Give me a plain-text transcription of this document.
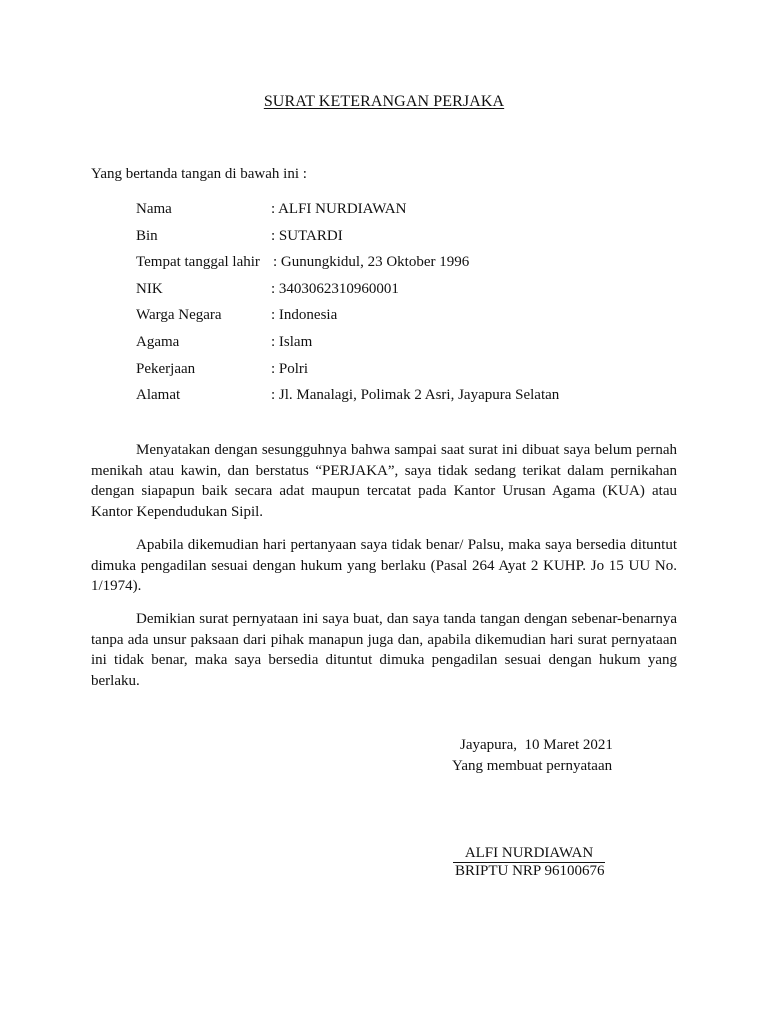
SURAT KETERANGAN PERJAKA
Yang bertanda tangan di bawah ini :
Nama	: ALFI NURDIAWAN
Bin	: SUTARDI
Tempat tanggal lahir : Gunungkidul, 23 Oktober 1996
NIK	: 3403062310960001
Warga Negara	: Indonesia
Agama	: Islam
Pekerjaan	: Polri
Alamat	: Jl. Manalagi, Polimak 2 Asri, Jayapura Selatan

Menyatakan dengan sesungguhnya bahwa sampai saat surat ini dibuat saya belum pernah menikah atau kawin, dan berstatus “PERJAKA”, saya tidak sedang terikat dalam pernikahan dengan siapapun baik secara adat maupun tercatat pada Kantor Urusan Agama (KUA) atau Kantor Kependudukan Sipil.

Apabila dikemudian hari pertanyaan saya tidak benar/ Palsu, maka saya bersedia dituntut dimuka pengadilan sesuai dengan hukum yang berlaku (Pasal 264 Ayat 2 KUHP. Jo 15 UU No. 1/1974).

Demikian surat pernyataan ini saya buat, dan saya tanda tangan dengan sebenar-benarnya tanpa ada unsur paksaan dari pihak manapun juga dan, apabila dikemudian hari surat pernyataan ini tidak benar, maka saya bersedia dituntut dimuka pengadilan sesuai dengan hukum yang berlaku.

Jayapura,  10 Maret 2021
Yang membuat pernyataan
ALFI NURDIAWAN
BRIPTU NRP 96100676
